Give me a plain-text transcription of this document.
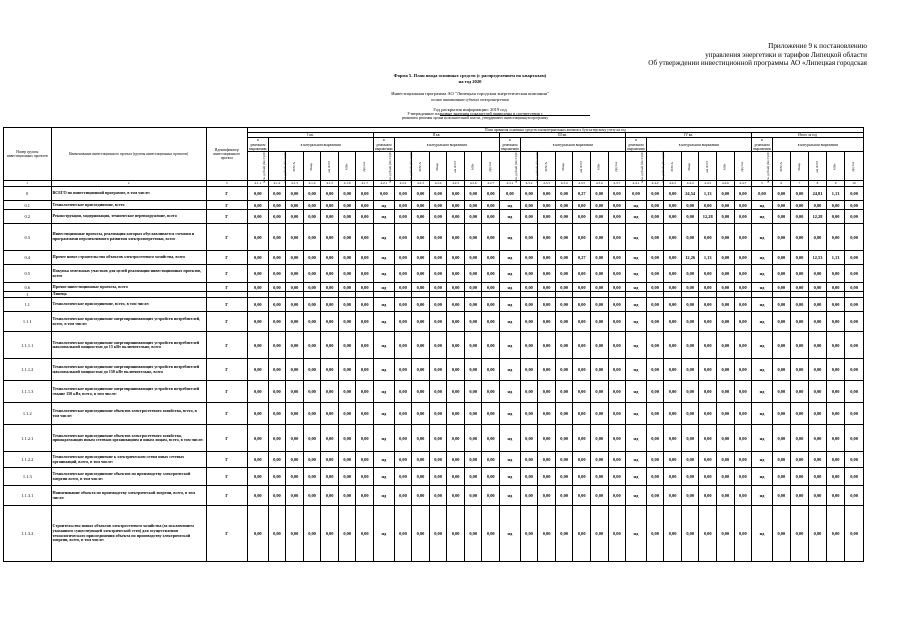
Приложение 9 к постановлению
управления энергетики и тарифов Липецкой области
Об утверждении инвестиционной программы АО «Липецкая городская
Форма 5. План ввода основных средств (с распределением по кварталам)
на год 2020
Инвестиционная программа АО "Липецкая городская энергетическая компания"
полное наименование субъекта электроэнергетики
Год раскрытия информации: 2019 год
Утвержденные плановые значения показателей приведены в соответствии с
реквизиты решения органа исполнительной власти, утвердившего инвестиционную программу
Номер группы инвестиционных проектов	Наименование инвестиционного проекта (группы инвестиционных проектов)	Идентификатор инвестиционного проекта	План принятия основных средств и нематериальных активов к бухгалтерскому учету на год																																	
			I кв.							II кв.							III кв.							IV кв.							Итого за год					
			в денежном выражении	в натуральном выражении						в денежном выражении	в натуральном выражении						в денежном выражении	в натуральном выражении						в денежном выражении	в натуральном выражении						в денежном выражении	в натуральном выражении				
			млн. рублей (без НДС)	млн. рублей (без НДС)	МВ×А	Мвар	км ЛЭП	МВт	Другое	млн. рублей (без НДС)	млн. рублей (без НДС)	МВ×А	Мвар	км ЛЭП	МВт	Другое	млн. рублей (без НДС)	млн. рублей (без НДС)	МВ×А	Мвар	км ЛЭП	МВт	Другое	млн. рублей (без НДС)	млн. рублей (без НДС)	МВ×А	Мвар	км ЛЭП	МВт	Другое	млн. рублей (без НДС)	МВ×А	Мвар	км ЛЭП	МВт	Другое
1	2	3	4.1.1	4.1.2	4.1.3	4.1.4	4.1.5	4.1.6	4.1.7	4.2.1	4.2.2	4.2.3	4.2.4	4.2.5	4.2.6	4.2.7	4.3.1	4.3.2	4.3.3	4.3.4	4.3.5	4.3.6	4.3.7	4.4.1	4.4.2	4.4.3	4.4.4	4.4.5	4.4.6	4.4.7	5	6	7	8	9	10
0	ВСЕГО по инвестиционной программе, в том числе:	Г	0,00	0,00	0,00	0,00	0,00	0,00	0,00	0,00	0,00	0,00	0,00	0,00	0,00	0,00	0,00	0,00	0,00	0,00	0,27	0,00	0,00	0,00	0,00	0,00	24,54	1,13	0,00	0,00	0,00	0,00	0,00	24,81	1,13	0,00
0.1	Технологическое присоединение, всего	Г	0,00	0,00	0,00	0,00	0,00	0,00	0,00	нд	0,00	0,00	0,00	0,00	0,00	0,00	нд	0,00	0,00	0,00	0,00	0,00	0,00	нд	0,00	0,00	0,00	0,00	0,00	0,00	нд	0,00	0,00	0,00	0,00	0,00
0.2	Реконструкция, модернизация, техническое перевооружение, всего	Г	0,00	0,00	0,00	0,00	0,00	0,00	0,00	нд	0,00	0,00	0,00	0,00	0,00	0,00	нд	0,00	0,00	0,00	0,00	0,00	0,00	нд	0,00	0,00	0,00	12,28	0,00	0,00	нд	0,00	0,00	12,28	0,00	0,00
0.3	Инвестиционные проекты, реализация которых обуславливается схемами и программами перспективного развития электроэнергетики, всего	Г	0,00	0,00	0,00	0,00	0,00	0,00	0,00	нд	0,00	0,00	0,00	0,00	0,00	0,00	нд	0,00	0,00	0,00	0,00	0,00	0,00	нд	0,00	0,00	0,00	0,00	0,00	0,00	нд	0,00	0,00	0,00	0,00	0,00
0.4	Прочее новое строительство объектов электросетевого хозяйства, всего	Г	0,00	0,00	0,00	0,00	0,00	0,00	0,00	нд	0,00	0,00	0,00	0,00	0,00	0,00	нд	0,00	0,00	0,00	0,27	0,00	0,00	нд	0,00	0,00	12,26	1,13	0,00	0,00	нд	0,00	0,00	12,53	1,13	0,00
0.5	Покупка земельных участков для целей реализации инвестиционных проектов, всего	Г	0,00	0,00	0,00	0,00	0,00	0,00	0,00	нд	0,00	0,00	0,00	0,00	0,00	0,00	нд	0,00	0,00	0,00	0,00	0,00	0,00	нд	0,00	0,00	0,00	0,00	0,00	0,00	нд	0,00	0,00	0,00	0,00	0,00
0.6	Прочие инвестиционные проекты, всего	Г	0,00	0,00	0,00	0,00	0,00	0,00	0,00	нд	0,00	0,00	0,00	0,00	0,00	0,00	нд	0,00	0,00	0,00	0,00	0,00	0,00	нд	0,00	0,00	0,00	0,00	0,00	0,00	нд	0,00	0,00	0,00	0,00	0,00
1	Липецк																																			
1.1	Технологическое присоединение, всего, в том числе:	Г	0,00	0,00	0,00	0,00	0,00	0,00	0,00	нд	0,00	0,00	0,00	0,00	0,00	0,00	нд	0,00	0,00	0,00	0,00	0,00	0,00	нд	0,00	0,00	0,00	0,00	0,00	0,00	нд	0,00	0,00	0,00	0,00	0,00
1.1.1	Технологическое присоединение энергопринимающих устройств потребителей, всего, в том числе:	Г	0,00	0,00	0,00	0,00	0,00	0,00	0,00	нд	0,00	0,00	0,00	0,00	0,00	0,00	нд	0,00	0,00	0,00	0,00	0,00	0,00	нд	0,00	0,00	0,00	0,00	0,00	0,00	нд	0,00	0,00	0,00	0,00	0,00
1.1.1.1	Технологическое присоединение энергопринимающих устройств потребителей максимальной мощностью до 15 кВт включительно, всего	Г	0,00	0,00	0,00	0,00	0,00	0,00	0,00	нд	0,00	0,00	0,00	0,00	0,00	0,00	нд	0,00	0,00	0,00	0,00	0,00	0,00	нд	0,00	0,00	0,00	0,00	0,00	0,00	нд	0,00	0,00	0,00	0,00	0,00
1.1.1.2	Технологическое присоединение энергопринимающих устройств потребителей максимальной мощностью до 150 кВт включительно, всего	Г	0,00	0,00	0,00	0,00	0,00	0,00	0,00	нд	0,00	0,00	0,00	0,00	0,00	0,00	нд	0,00	0,00	0,00	0,00	0,00	0,00	нд	0,00	0,00	0,00	0,00	0,00	0,00	нд	0,00	0,00	0,00	0,00	0,00
1.1.1.3	Технологическое присоединение энергопринимающих устройств потребителей свыше 150 кВт, всего, в том числе:	Г	0,00	0,00	0,00	0,00	0,00	0,00	0,00	нд	0,00	0,00	0,00	0,00	0,00	0,00	нд	0,00	0,00	0,00	0,00	0,00	0,00	нд	0,00	0,00	0,00	0,00	0,00	0,00	нд	0,00	0,00	0,00	0,00	0,00
1.1.2	Технологическое присоединение объектов электросетевого хозяйства, всего, в том числе:	Г	0,00	0,00	0,00	0,00	0,00	0,00	0,00	нд	0,00	0,00	0,00	0,00	0,00	0,00	нд	0,00	0,00	0,00	0,00	0,00	0,00	нд	0,00	0,00	0,00	0,00	0,00	0,00	нд	0,00	0,00	0,00	0,00	0,00
1.1.2.1	Технологическое присоединение объектов электросетевого хозяйства, принадлежащих иным сетевым организациям и иным лицам, всего, в том числе:	Г	0,00	0,00	0,00	0,00	0,00	0,00	0,00	нд	0,00	0,00	0,00	0,00	0,00	0,00	нд	0,00	0,00	0,00	0,00	0,00	0,00	нд	0,00	0,00	0,00	0,00	0,00	0,00	нд	0,00	0,00	0,00	0,00	0,00
1.1.2.2	Технологическое присоединение к электрическим сетям иных сетевых организаций, всего, в том числе:	Г	0,00	0,00	0,00	0,00	0,00	0,00	0,00	нд	0,00	0,00	0,00	0,00	0,00	0,00	нд	0,00	0,00	0,00	0,00	0,00	0,00	нд	0,00	0,00	0,00	0,00	0,00	0,00	нд	0,00	0,00	0,00	0,00	0,00
1.1.3	Технологическое присоединение объектов по производству электрической энергии всего, в том числе:	Г	0,00	0,00	0,00	0,00	0,00	0,00	0,00	нд	0,00	0,00	0,00	0,00	0,00	0,00	нд	0,00	0,00	0,00	0,00	0,00	0,00	нд	0,00	0,00	0,00	0,00	0,00	0,00	нд	0,00	0,00	0,00	0,00	0,00
1.1.3.1	Наименование объекта по производству электрической энергии, всего, в том числе:	Г	0,00	0,00	0,00	0,00	0,00	0,00	0,00	нд	0,00	0,00	0,00	0,00	0,00	0,00	нд	0,00	0,00	0,00	0,00	0,00	0,00	нд	0,00	0,00	0,00	0,00	0,00	0,00	нд	0,00	0,00	0,00	0,00	0,00
1.1.3.2	Строительство новых объектов электросетевого хозяйства (за исключением указанного существующей электрической сети) для осуществления технологического присоединения объекта по производству электрической энергии, всего, в том числе:	Г	0,00	0,00	0,00	0,00	0,00	0,00	0,00	нд	0,00	0,00	0,00	0,00	0,00	0,00	нд	0,00	0,00	0,00	0,00	0,00	0,00	нд	0,00	0,00	0,00	0,00	0,00	0,00	нд	0,00	0,00	0,00	0,00	0,00
